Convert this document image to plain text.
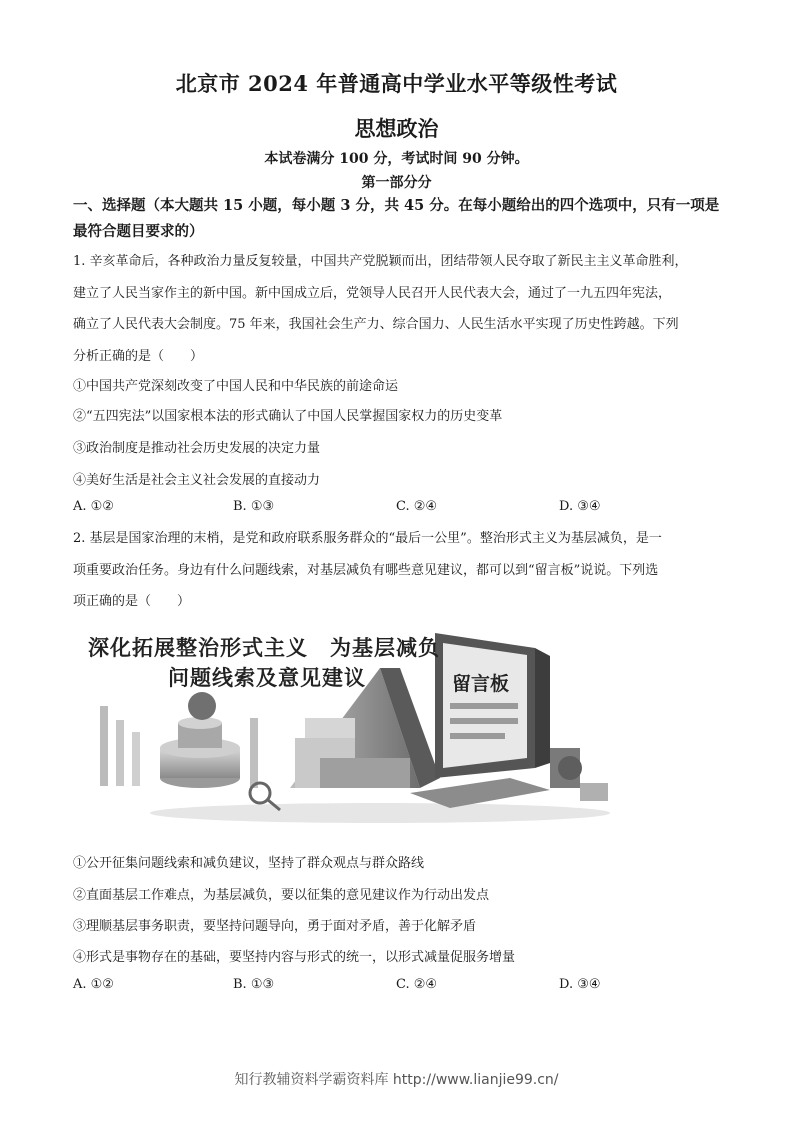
北京市 2024 年普通高中学业水平等级性考试
思想政治
本试卷满分 100 分，考试时间 90 分钟。
第一部分分
一、选择题（本大题共 15 小题，每小题 3 分，共 45 分。在每小题给出的四个选项中，只有一项是最符合题目要求的）
1. 辛亥革命后，各种政治力量反复较量，中国共产党脱颖而出，团结带领人民夺取了新民主主义革命胜利，
建立了人民当家作主的新中国。新中国成立后，党领导人民召开人民代表大会，通过了一九五四年宪法，
确立了人民代表大会制度。75 年来，我国社会生产力、综合国力、人民生活水平实现了历史性跨越。下列
分析正确的是（　　）
①中国共产党深刻改变了中国人民和中华民族的前途命运
②“五四宪法”以国家根本法的形式确认了中国人民掌握国家权力的历史变革
③政治制度是推动社会历史发展的决定力量
④美好生活是社会主义社会发展的直接动力
A. ①②	B. ①③	C. ②④	D. ③④
2. 基层是国家治理的末梢，是党和政府联系服务群众的“最后一公里”。整治形式主义为基层减负，是一
项重要政治任务。身边有什么问题线索，对基层减负有哪些意见建议，都可以到“留言板”说说。下列选
项正确的是（　　）
留言板
深化拓展整治形式主义　为基层减负
问题线索及意见建议
①公开征集问题线索和减负建议，坚持了群众观点与群众路线
②直面基层工作难点，为基层减负，要以征集的意见建议作为行动出发点
③理顺基层事务职责，要坚持问题导向，勇于面对矛盾，善于化解矛盾
④形式是事物存在的基础，要坚持内容与形式的统一，以形式减量促服务增量
A. ①②	B. ①③	C. ②④	D. ③④
知行教辅资料学霸资料库 http://www.lianjie99.cn/
